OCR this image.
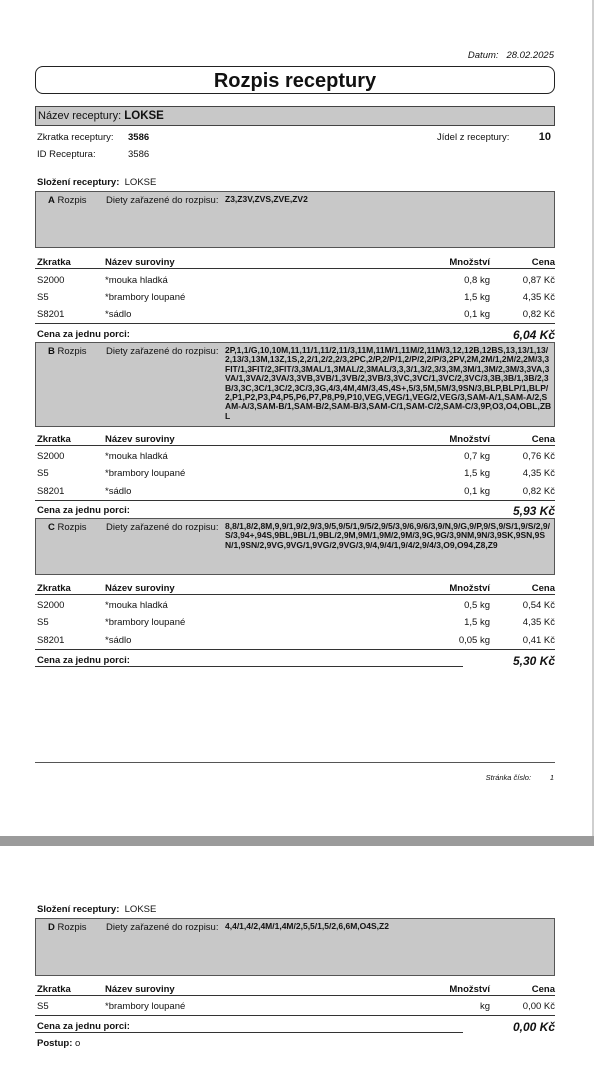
Datum: 28.02.2025
Rozpis receptury
Název receptury: LOKSE
Zkratka receptury: 3586
ID Receptura:	3586
Jídel z receptury:	10
Složení receptury: LOKSE
A Rozpis Diety zařazené do rozpisu: Z3,Z3V,ZVS,ZVE,ZV2
Zkratka	Název suroviny	Množství	Cena
S2000	*mouka hladká	0,8 kg	0,87 Kč
S5	*brambory loupané	1,5 kg	4,35 Kč
S8201	*sádlo	0,1 kg	0,82 Kč
Cena za jednu porci:	6,04 Kč
B Rozpis Diety zařazené do rozpisu: 2P,1,1/G,10,10M,11,11/1,11/2,11/3,11M,11M/1,11M/2,11M/3,12,12B,12BS,13,13/1,13/2,13/3,13M,13Z,1S,2,2/1,2/2,2/3,2PC,2/P,2/P/1,2/P/2,2/P/3,2PV,2M,2M/1,2M/2,2M/3,3FIT/1,3FIT/2,3FIT/3,3MAL/1,3MAL/2,3MAL/3,3,3/1,3/2,3/3,3M,3M/1,3M/2,3M/3,3VA,3VA/1,3VA/2,3VA/3,3VB,3VB/1,3VB/2,3VB/3,3VC,3VC/1,3VC/2,3VC/3,3B,3B/1,3B/2,3B/3,3C,3C/1,3C/2,3C/3,3G,4/3,4M,4M/3,4S,4S+,5/3,5M,5M/3,9SN/3,BLP,BLP/1,BLP/2,P1,P2,P3,P4,P5,P6,P7,P8,P9,P10,VEG,VEG/1,VEG/2,VEG/3,SAM-A/1,SAM-A/2,SAM-A/3,SAM-B/1,SAM-B/2,SAM-B/3,SAM-C/1,SAM-C/2,SAM-C/3,9P,O3,O4,OBL,ZBL
Zkratka	Název suroviny	Množství	Cena
S2000	*mouka hladká	0,7 kg	0,76 Kč
S5	*brambory loupané	1,5 kg	4,35 Kč
S8201	*sádlo	0,1 kg	0,82 Kč
Cena za jednu porci:	5,93 Kč
C Rozpis Diety zařazené do rozpisu: 8,8/1,8/2,8M,9,9/1,9/2,9/3,9/5,9/5/1,9/5/2,9/5/3,9/6,9/6/3,9/N,9/G,9/P,9/S,9/S/1,9/S/2,9/S/3,94+,94S,9BL,9BL/1,9BL/2,9M,9M/1,9M/2,9M/3,9G,9G/3,9NM,9N/3,9SK,9SN,9SN/1,9SN/2,9VG,9VG/1,9VG/2,9VG/3,9/4,9/4/1,9/4/2,9/4/3,O9,O94,Z8,Z9
Zkratka	Název suroviny	Množství	Cena
S2000	*mouka hladká	0,5 kg	0,54 Kč
S5	*brambory loupané	1,5 kg	4,35 Kč
S8201	*sádlo	0,05 kg	0,41 Kč
Cena za jednu porci:	5,30 Kč
Stránka číslo:	1
Složení receptury: LOKSE
D Rozpis Diety zařazené do rozpisu: 4,4/1,4/2,4M/1,4M/2,5,5/1,5/2,6,6M,O4S,Z2
Zkratka	Název suroviny	Množství	Cena
S5	*brambory loupané	kg	0,00 Kč
Cena za jednu porci:	0,00 Kč
Postup: o
